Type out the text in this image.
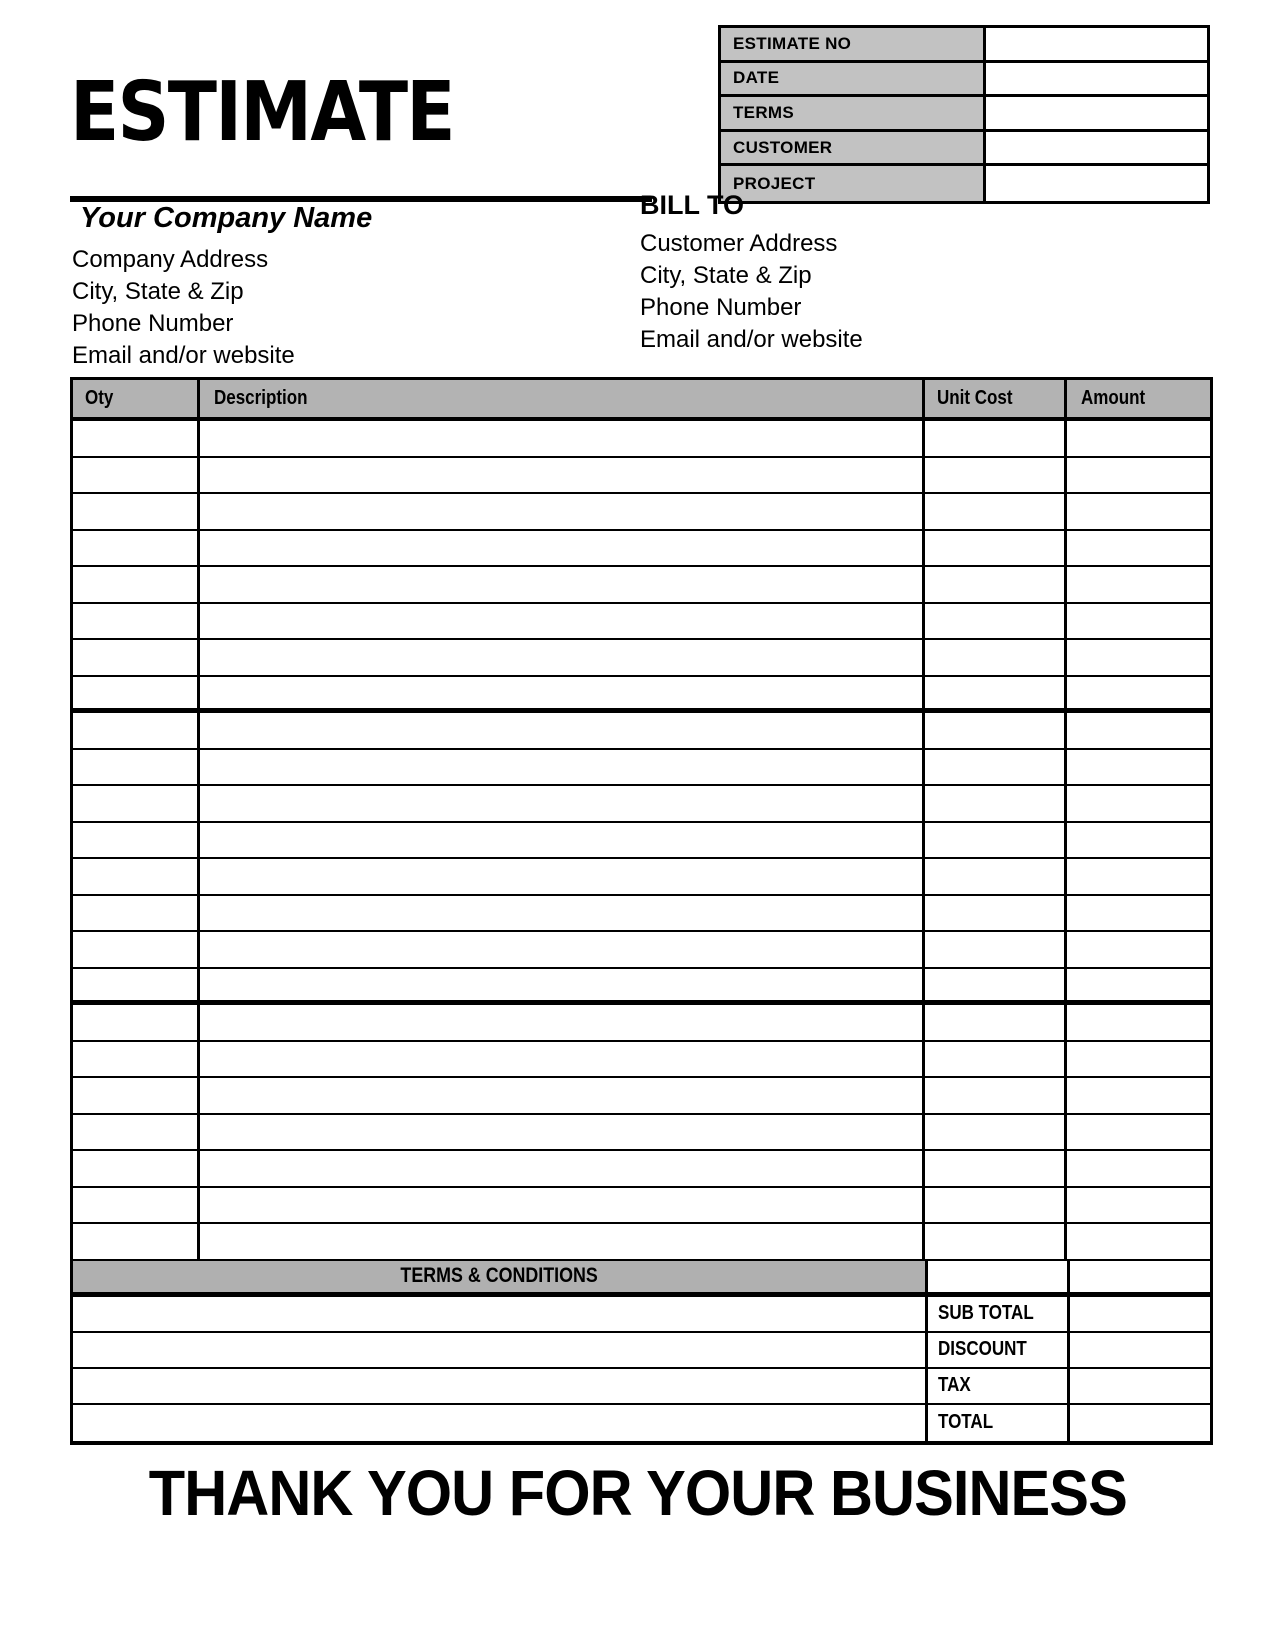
ESTIMATE
ESTIMATE NO
DATE
TERMS
CUSTOMER
PROJECT
Your Company Name
Company Address
City, State & Zip
Phone Number
Email and/or website
BILL TO
Customer Address
City, State & Zip
Phone Number
Email and/or website
Oty	Description	Unit Cost	Amount
TERMS & CONDITIONS
SUB TOTAL
DISCOUNT
TAX
TOTAL
THANK YOU FOR YOUR BUSINESS
